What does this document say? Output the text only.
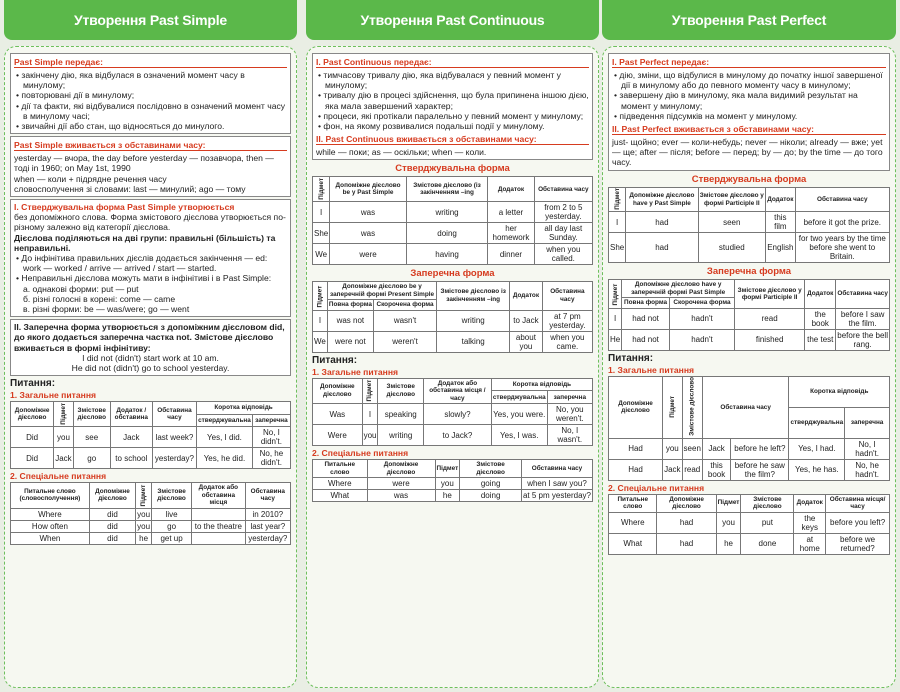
Утворення Past Simple
Past Simple передає:
• закінчену дію, яка відбулася в означений момент часу в минулому;
• повторювані дії в минулому;
• дії та факти, які відбувалися послідовно в означений момент часу в минулому часі;
• звичайні дії або стан, що відносяться до минулого.
Past Simple вживається з обставинами часу:
yesterday — вчора, the day before yesterday — позавчора, then — тоді in 1960; on May 1st, 1990
when — коли + підрядне речення часу
словосполучення зі словами: last — минулий; ago — тому
І. Стверджувальна форма Past Simple утворюється
без допоміжного слова. Форма змістового дієслова утворюється по-різному залежно від категорії дієслова.
Дієслова поділяються на дві групи: правильні (більшість) та неправильні.
• До інфінітива правильних дієслів додається закінчення — ed:
work — worked / arrive — arrived / start — started.
• Неправильні дієслова можуть мати в інфінітиві і в Past Simple:
а. однакові форми: put — put
б. різні голосні в корені: come — came
в. різні форми: be — was/were; go — went
ІІ. Заперечна форма утворюється з допоміжним дієсловом did, до якого додається заперечна частка not. Змістове дієслово вживається в формі інфінітиву:
I did not (didn't) start work at 10 am.
He did not (didn't) go to school yesterday.
Питання:
1. Загальне питання
Допоміжне дієслово	Підмет	Змістове дієслово	Додаток / обставина	Обставина часу	Коротка відповідь	
					стверджувальна	заперечна
Did	you	see	Jack	last week?	Yes, I did.	No, I didn't.
Did	Jack	go	to school	yesterday?	Yes, he did.	No, he didn't.
2. Спеціальне питання
Питальне слово (словосполучення)	Допоміжне дієслово	Підмет	Змістове дієслово	Додаток або обставина місця	Обставина часу
Where	did	you	live		in 2010?
How often	did	you	go	to the theatre	last year?
When	did	he	get up		yesterday?
Утворення Past Continuous
І. Past Continuous передає:
• тимчасову тривалу дію, яка відбувалася у певний момент у минулому;
• тривалу дію в процесі здійснення, що була припинена іншою дією, яка мала завершений характер;
• процеси, які протікали паралельно у певний момент у минулому;
• фон, на якому розвивалися подальші події у минулому.
ІІ. Past Continuous вживається з обставинами часу:
while — поки; as — оскільки; when — коли.
Стверджувальна форма
Підмет	Допоміжне дієслово be у Past Simple	Змістове дієслово (із закінченням –ing	Додаток	Обставина часу
I	was	writing	a letter	from 2 to 5 yesterday.
She	was	doing	her homework	all day last Sunday.
We	were	having	dinner	when you called.
Заперечна форма
Підмет	Допоміжне дієслово be у заперечній формі Present Simple		Змістове дієслово із закінченням –ing	Додаток	Обставина часу
	Повна форма	Скорочена форма			
I	was not	wasn't	writing	to Jack	at 7 pm yesterday.
We	were not	weren't	talking	about you	when you came.
Питання:
1. Загальне питання
Допоміжне дієслово	Підмет	Змістове дієслово	Додаток або обставина місця / часу	Коротка відповідь	
				стверджувальна	заперечна
Was	I	speaking	slowly?	Yes, you were.	No, you weren't.
Were	you	writing	to Jack?	Yes, I was.	No, I wasn't.
2. Спеціальне питання
Питальне слово	Допоміжне дієслово	Підмет	Змістове дієслово	Обставина часу
Where	were	you	going	when I saw you?
What	was	he	doing	at 5 pm yesterday?
Утворення Past Perfect
І. Past Perfect передає:
• дію, зміни, що відбулися в минулому до початку іншої завершеної дії в минулому або до певного моменту часу в минулому;
• завершену дію в минулому, яка мала видимий результат на момент у минулому;
• підведення підсумків на момент у минулому.
ІІ. Past Perfect вживається з обставинами часу:
just- щойно; ever — коли-небудь; never — ніколи; already — вже; yet — ще; after — після; before — перед; by — до; by the time — до того часу.
Стверджувальна форма
Підмет	Допоміжне дієслово have у Past Simple	Змістове дієслово у формі Participle II	Додаток	Обставина часу
I	had	seen	this film	before it got the prize.
She	had	studied	English	for two years by the time before she went to Britain.
Заперечна форма
Підмет	Допоміжне дієслово have у заперечній формі Past Simple		Змістове дієслово у формі Participle II	Додаток	Обставина часу
	Повна форма	Скорочена форма			
I	had not	hadn't	read	the book	before I saw the film.
He	had not	hadn't	finished	the test	before the bell rang.
Питання:
1. Загальне питання
Допоміжне дієслово	Підмет	Змістове дієслово	Обставина часу		Коротка відповідь	
					стверджувальна	заперечна
Had	you	seen	Jack	before he left?	Yes, I had.	No, I hadn't.
Had	Jack	read	this book	before he saw the film?	Yes, he has.	No, he hadn't.
2. Спеціальне питання
Питальне слово	Допоміжне дієслово	Підмет	Змістове дієслово	Додаток	Обставина місця/часу
Where	had	you	put	the keys	before you left?
What	had	he	done	at home	before we returned?
